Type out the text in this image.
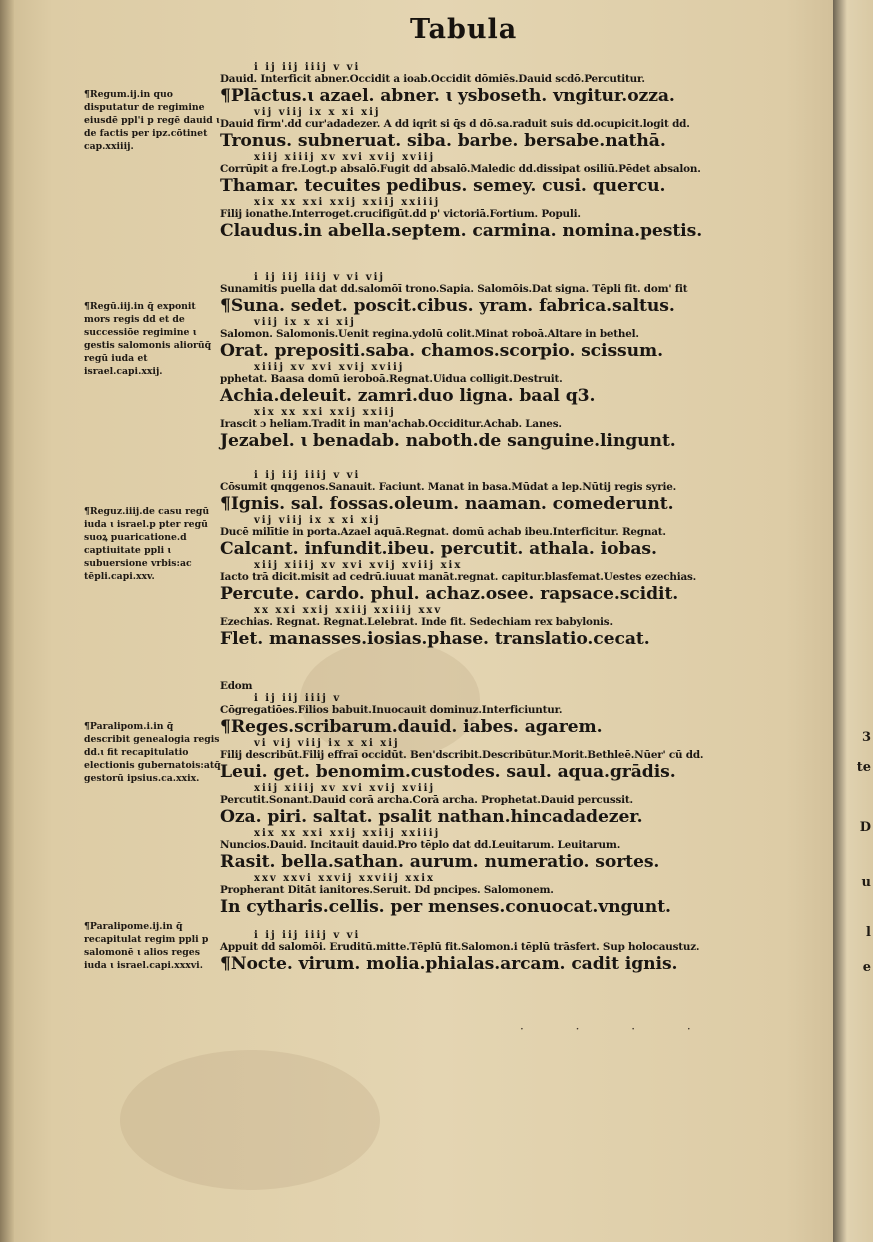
3
te
D
u
l
e
Tabula
¶Regum.ij.in quo disputatur de regimine eiusdē ppl'i p regē dauid ɩ de factis per ipz.cōtinet cap.xxiiij.
¶Regū.iij.in q̄ exponit mors regis dd et de successiōe regimine ɩ gestis salomonis aliorūq̄ regū iuda et israel.capi.xxij.
¶Reguz.iiij.de casu regū iuda ɩ israel.p pter regū suoꝝ puaricatione.d captiuitate ppli ɩ subuersione vrbis:ac tēpli.capi.xxv.
¶Paralipom.i.in q̄ describit genealogia regis dd.ɩ fit recapitulatio electionis gubernatois:atq̄ gestorū ipsius.ca.xxix.
¶Paralipome.ij.in q̄ recapitulat regim ppli p salomonē ɩ alios reges iuda ɩ israel.capi.xxxvi.
i ij iij iiij v vi
Dauid. Interficit abner.Occidit a ioab.Occidit dōmiēs.Dauid scdō.Percutitur.
¶Plāctus.ɩ azael. abner. ɩ ysboseth. vngitur.ozza.
vij viij ix x xi xij
Dauid firm'.dd cur'adadezer. A dd iqrit si q̄s d dō.sa.raduit suis dd.ocupicit.logit dd.
Tronus. subneruat. siba. barbe. bersabe.nathā.
xiij xiiij xv xvi xvij xviij
Corrūpit a fre.Logt.p absalō.Fugit dd absalō.Maledic dd.dissipat osiliū.Pēdet absalon.
Thamar. tecuites pedibus. semey. cusi. quercu.
xix xx xxi xxij xxiij xxiiij
Filij ionathe.Interroget.crucifigūt.dd p' victoriā.Fortium. Populi.
Claudus.in abella.septem. carmina. nomina.pestis.
i ij iij iiij v vi vij
Sunamitis puella dat dd.salomōī trono.Sapia. Salomōis.Dat signa. Tēpli fit. dom' fit
¶Suna. sedet. poscit.cibus. yram. fabrica.saltus.
viij ix x xi xij
Salomon. Salomonis.Uenit regina.ydolū colit.Minat roboā.Altare in bethel.
Orat. prepositi.saba. chamos.scorpio. scissum.
xiiij xv xvi xvij xviij
pphetat. Baasa domū ieroboā.Regnat.Uidua colligit.Destruit.
Achia.deleuit. zamri.duo ligna. baal q3.
xix xx xxi xxij xxiij
Irascit ɔ heliam.Tradit in man'achab.Occiditur.Achab. Lanes.
Jezabel. ɩ benadab. naboth.de sanguine.lingunt.
i ij iij iiij v vi
Cōsumit qnqgenos.Sanauit. Faciunt. Manat in basa.Mūdat a lep.Nūtij regis syrie.
¶Ignis. sal. fossas.oleum. naaman. comederunt.
vij viij ix x xi xij
Ducē milītie in porta.Azael aquā.Regnat. domū achab ibeu.Interficitur. Regnat.
Calcant. infundit.ibeu. percutit. athala. iobas.
xiij xiiij xv xvi xvij xviij xix
Iacto trā dicit.misit ad cedrū.iuuat manāt.regnat. capitur.blasfemat.Uestes ezechias.
Percute. cardo. phul. achaz.osee. rapsace.scidit.
xx xxi xxij xxiij xxiiij xxv
Ezechias. Regnat. Regnat.Lelebrat. Inde fit. Sedechiam rex babylonis.
Flet. manasses.iosias.phase. translatio.cecat.
Edom
i ij iij iiij v
Cōgregatiōes.Filios babuit.Inuocauit dominuz.Interficiuntur.
¶Reges.scribarum.dauid. iabes. agarem.
vi vij viij ix x xi xij
Filij describūt.Filij effraī occidūt. Ben'dscribit.Describūtur.Morit.Bethleē.Nūer' cū dd.
Leui. get. benomim.custodes. saul. aqua.grādis.
xiij xiiij xv xvi xvij xviij
Percutit.Sonant.Dauid corā archa.Corā archa. Prophetat.Dauid percussit.
Oza. piri. saltat. psalit nathan.hincadadezer.
xix xx xxi xxij xxiij xxiiij
Nuncios.Dauid. Incitauit dauid.Pro tēplo dat dd.Leuitarum. Leuitarum.
Rasit. bella.sathan. aurum. numeratio. sortes.
xxv xxvi xxvij xxviij xxix
Propherant Ditāt ianitores.Seruit. Dd pncipes. Salomonem.
In cytharis.cellis. per menses.conuocat.vngunt.
i ij iij iiij v vi
Appuit dd salomōi. Eruditū.mitte.Tēplū fit.Salomon.i tēplū trāsfert. Sup holocaustuz.
¶Nocte. virum. molia.phialas.arcam. cadit ignis.
· · · ·
